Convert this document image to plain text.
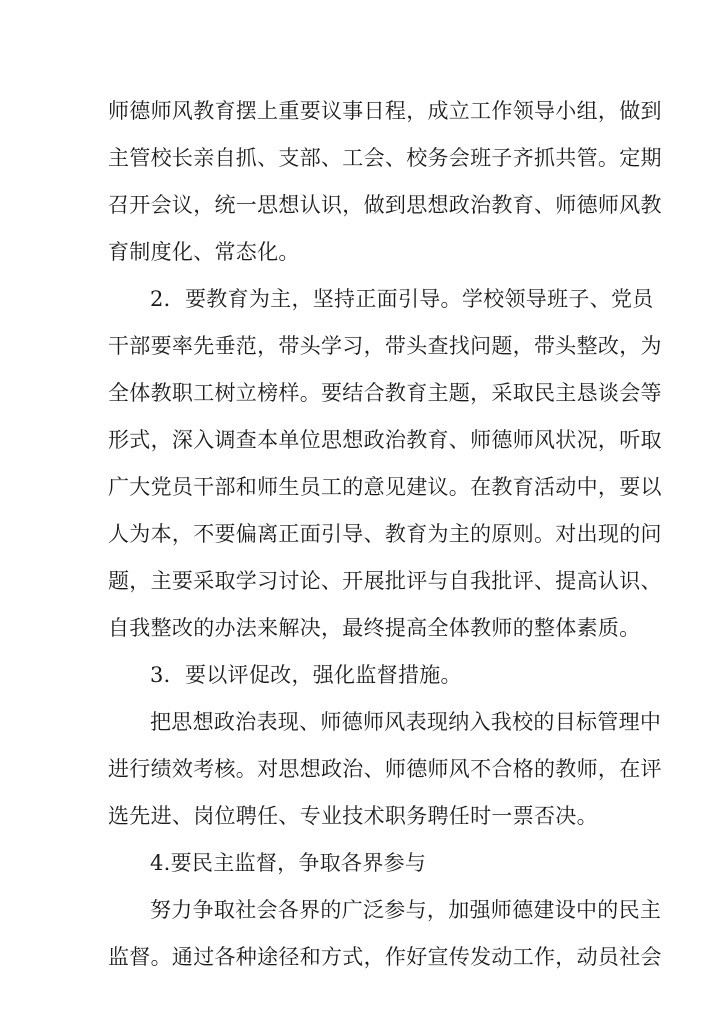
师德师风教育摆上重要议事日程，成立工作领导小组，做到
主管校长亲自抓、支部、工会、校务会班子齐抓共管。定期
召开会议，统一思想认识，做到思想政治教育、师德师风教
育制度化、常态化。
2．要教育为主，坚持正面引导。学校领导班子、党员
干部要率先垂范，带头学习，带头查找问题，带头整改，为
全体教职工树立榜样。要结合教育主题，采取民主恳谈会等
形式，深入调查本单位思想政治教育、师德师风状况，听取
广大党员干部和师生员工的意见建议。在教育活动中，要以
人为本，不要偏离正面引导、教育为主的原则。对出现的问
题，主要采取学习讨论、开展批评与自我批评、提高认识、
自我整改的办法来解决，最终提高全体教师的整体素质。
3．要以评促改，强化监督措施。
把思想政治表现、师德师风表现纳入我校的目标管理中
进行绩效考核。对思想政治、师德师风不合格的教师，在评
选先进、岗位聘任、专业技术职务聘任时一票否决。
4.要民主监督，争取各界参与
努力争取社会各界的广泛参与，加强师德建设中的民主
监督。通过各种途径和方式，作好宣传发动工作，动员社会
